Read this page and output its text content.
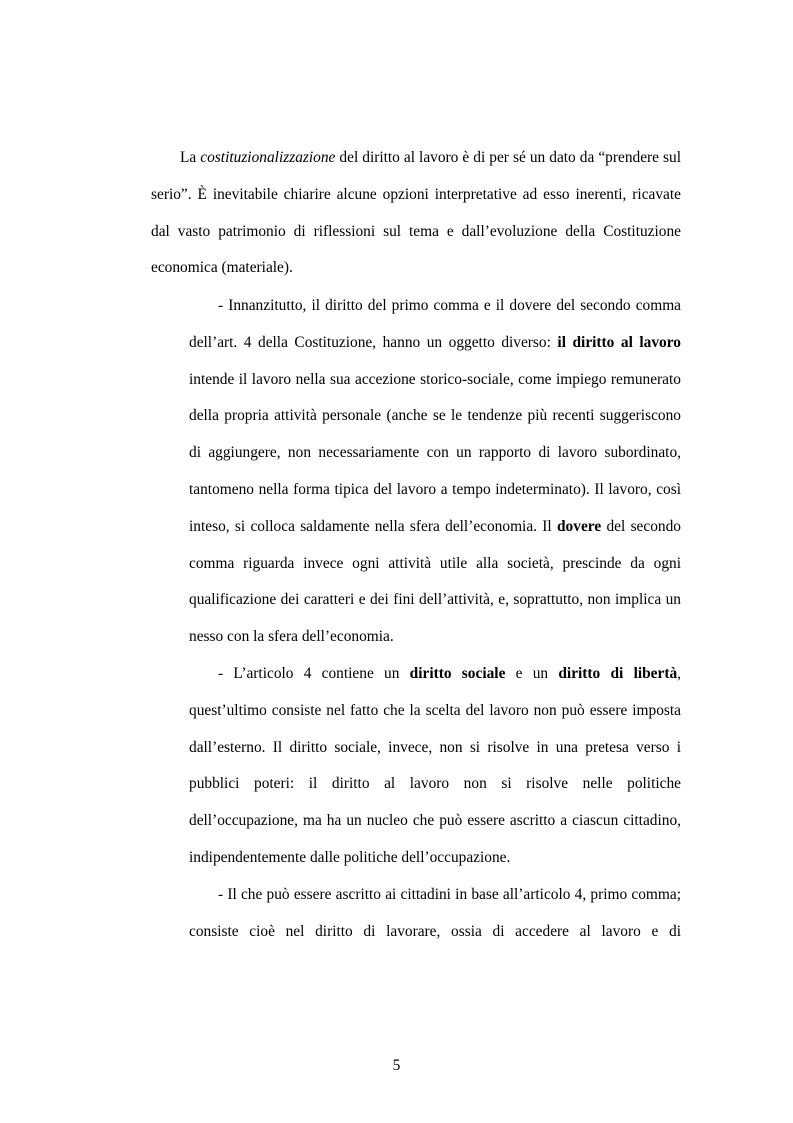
La costituzionalizzazione del diritto al lavoro è di per sé un dato da “prendere sul serio”. È inevitabile chiarire alcune opzioni interpretative ad esso inerenti, ricavate dal vasto patrimonio di riflessioni sul tema e dall’evoluzione della Costituzione economica (materiale).

- Innanzitutto, il diritto del primo comma e il dovere del secondo comma dell’art. 4 della Costituzione, hanno un oggetto diverso: il diritto al lavoro intende il lavoro nella sua accezione storico-sociale, come impiego remunerato della propria attività personale (anche se le tendenze più recenti suggeriscono di aggiungere, non necessariamente con un rapporto di lavoro subordinato, tantomeno nella forma tipica del lavoro a tempo indeterminato). Il lavoro, così inteso, si colloca saldamente nella sfera dell’economia. Il dovere del secondo comma riguarda invece ogni attività utile alla società, prescinde da ogni qualificazione dei caratteri e dei fini dell’attività, e, soprattutto, non implica un nesso con la sfera dell’economia.

- L’articolo 4 contiene un diritto sociale e un diritto di libertà, quest’ultimo consiste nel fatto che la scelta del lavoro non può essere imposta dall’esterno. Il diritto sociale, invece, non si risolve in una pretesa verso i pubblici poteri: il diritto al lavoro non si risolve nelle politiche dell’occupazione, ma ha un nucleo che può essere ascritto a ciascun cittadino, indipendentemente dalle politiche dell’occupazione.

- Il che può essere ascritto ai cittadini in base all’articolo 4, primo comma; consiste cioè nel diritto di lavorare, ossia di accedere al lavoro e di

5
